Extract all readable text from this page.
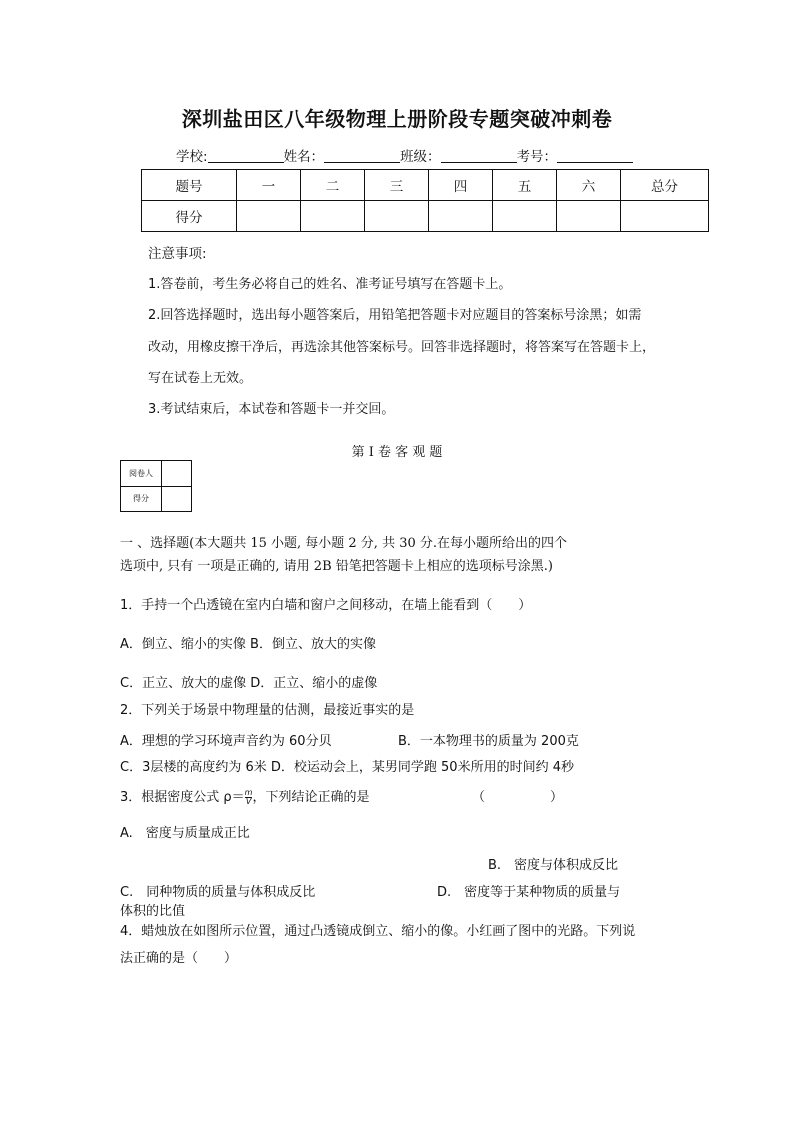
深圳盐田区八年级物理上册阶段专题突破冲刺卷
学校:	姓名：	班级：	考号：
题号	一	二	三	四	五	六	总分
得分							
注意事项:
1.答卷前，考生务必将自己的姓名、准考证号填写在答题卡上。
2.回答选择题时，选出每小题答案后，用铅笔把答题卡对应题目的答案标号涂黑；如需
改动，用橡皮擦干净后，再选涂其他答案标号。回答非选择题时，将答案写在答题卡上，
写在试卷上无效。
3.考试结束后，本试卷和答题卡一并交回。
第 I 卷 客 观 题
阅卷人	
得分	
一 、选择题(本大题共 15 小题, 每小题 2 分, 共 30 分.在每小题所给出的四个
选项中, 只有 一项是正确的, 请用 2B 铅笔把答题卡上相应的选项标号涂黑.)
1．手持一个凸透镜在室内白墙和窗户之间移动，在墙上能看到（　　）
A．倒立、缩小的实像 B．倒立、放大的实像
C．正立、放大的虚像 D．正立、缩小的虚像
2．下列关于场景中物理量的估测，最接近事实的是
A．理想的学习环境声音约为 60分贝	B．一本物理书的质量为 200克
C．3层楼的高度约为 6米 D．校运动会上，某男同学跑 50米所用的时间约 4秒
3．根据密度公式 $\rho= \frac{m}{V}$ ，下列结论正确的是	（　　　　　）
A.　密度与质量成正比
B.　密度与体积成反比
C.　同种物质的质量与体积成反比	D.　密度等于某种物质的质量与
体积的比值
4．蜡烛放在如图所示位置，通过凸透镜成倒立、缩小的像。小红画了图中的光路。下列说
法正确的是（　　）
